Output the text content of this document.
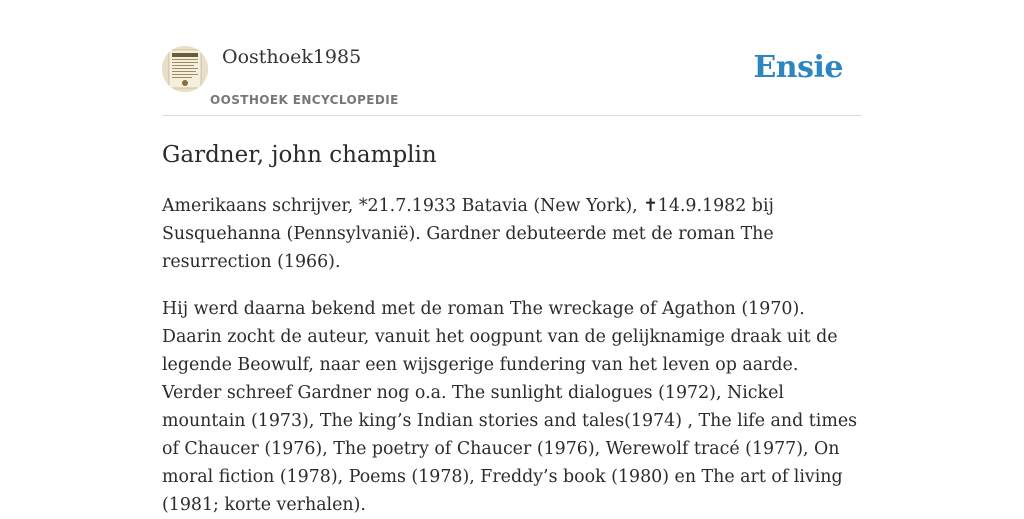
Oosthoek1985
OOSTHOEK ENCYCLOPEDIE
Ensie
Gardner, john champlin

Amerikaans schrijver, *21.7.1933 Batavia (New York), ✝14.9.1982 bij Susquehanna (Pennsylvanië). Gardner debuteerde met de roman The resurrection (1966).

Hij werd daarna bekend met de roman The wreckage of Agathon (1970). Daarin zocht de auteur, vanuit het oogpunt van de gelijknamige draak uit de legende Beowulf, naar een wijsgerige fundering van het leven op aarde. Verder schreef Gardner nog o.a. The sunlight dialogues (1972), Nickel mountain (1973), The king’s Indian stories and tales(1974) , The life and times of Chaucer (1976), The poetry of Chaucer (1976), Werewolf tracé (1977), On moral fiction (1978), Poems (1978), Freddy’s book (1980) en The art of living (1981; korte verhalen).
